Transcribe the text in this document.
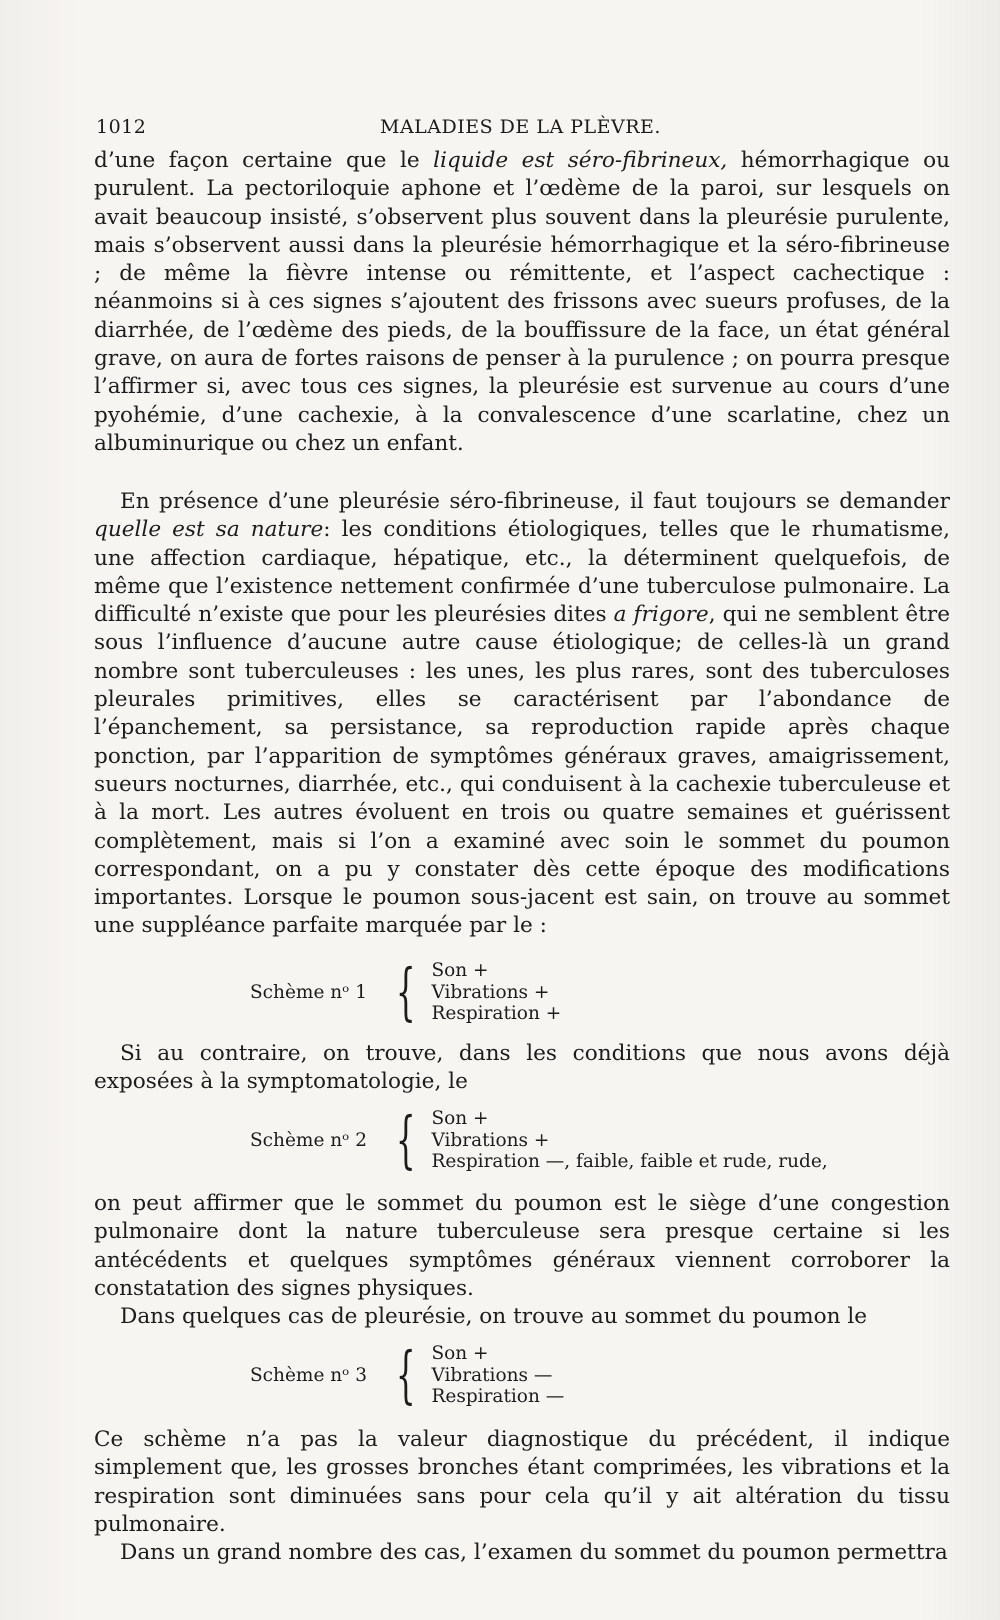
1012	MALADIES DE LA PLÈVRE.

d’une façon certaine que le liquide est séro-fibrineux, hémorrhagique ou purulent. La pectoriloquie aphone et l’œdème de la paroi, sur lesquels on avait beaucoup insisté, s’observent plus souvent dans la pleurésie purulente, mais s’observent aussi dans la pleurésie hémorrhagique et la séro-fibrineuse ; de même la fièvre intense ou rémittente, et l’aspect cachectique : néanmoins si à ces signes s’ajoutent des frissons avec sueurs profuses, de la diarrhée, de l’œdème des pieds, de la bouffissure de la face, un état général grave, on aura de fortes raisons de penser à la purulence ; on pourra presque l’affirmer si, avec tous ces signes, la pleurésie est survenue au cours d’une pyohémie, d’une cachexie, à la convalescence d’une scarlatine, chez un albuminurique ou chez un enfant.

En présence d’une pleurésie séro-fibrineuse, il faut toujours se demander quelle est sa nature: les conditions étiologiques, telles que le rhumatisme, une affection cardiaque, hépatique, etc., la déterminent quelquefois, de même que l’existence nettement confirmée d’une tuberculose pulmonaire. La difficulté n’existe que pour les pleurésies dites a frigore, qui ne semblent être sous l’influence d’aucune autre cause étiologique; de celles-là un grand nombre sont tuberculeuses : les unes, les plus rares, sont des tuberculoses pleurales primitives, elles se caractérisent par l’abondance de l’épanchement, sa persistance, sa reproduction rapide après chaque ponction, par l’apparition de symptômes généraux graves, amaigrissement, sueurs nocturnes, diarrhée, etc., qui conduisent à la cachexie tuberculeuse et à la mort. Les autres évoluent en trois ou quatre semaines et guérissent complètement, mais si l’on a examiné avec soin le sommet du poumon correspondant, on a pu y constater dès cette époque des modifications importantes. Lorsque le poumon sous-jacent est sain, on trouve au sommet une suppléance parfaite marquée par le :

Schème nᵒ 1 { Son +
Vibrations +
Respiration +

Si au contraire, on trouve, dans les conditions que nous avons déjà exposées à la symptomatologie, le

Schème nᵒ 2 { Son +
Vibrations +
Respiration —, faible, faible et rude, rude,

on peut affirmer que le sommet du poumon est le siège d’une congestion pulmonaire dont la nature tuberculeuse sera presque certaine si les antécédents et quelques symptômes généraux viennent corroborer la constatation des signes physiques.

Dans quelques cas de pleurésie, on trouve au sommet du poumon le

Schème nᵒ 3 { Son +
Vibrations —
Respiration —

Ce schème n’a pas la valeur diagnostique du précédent, il indique simplement que, les grosses bronches étant comprimées, les vibrations et la respiration sont diminuées sans pour cela qu’il y ait altération du tissu pulmonaire.

Dans un grand nombre des cas, l’examen du sommet du poumon permettra
